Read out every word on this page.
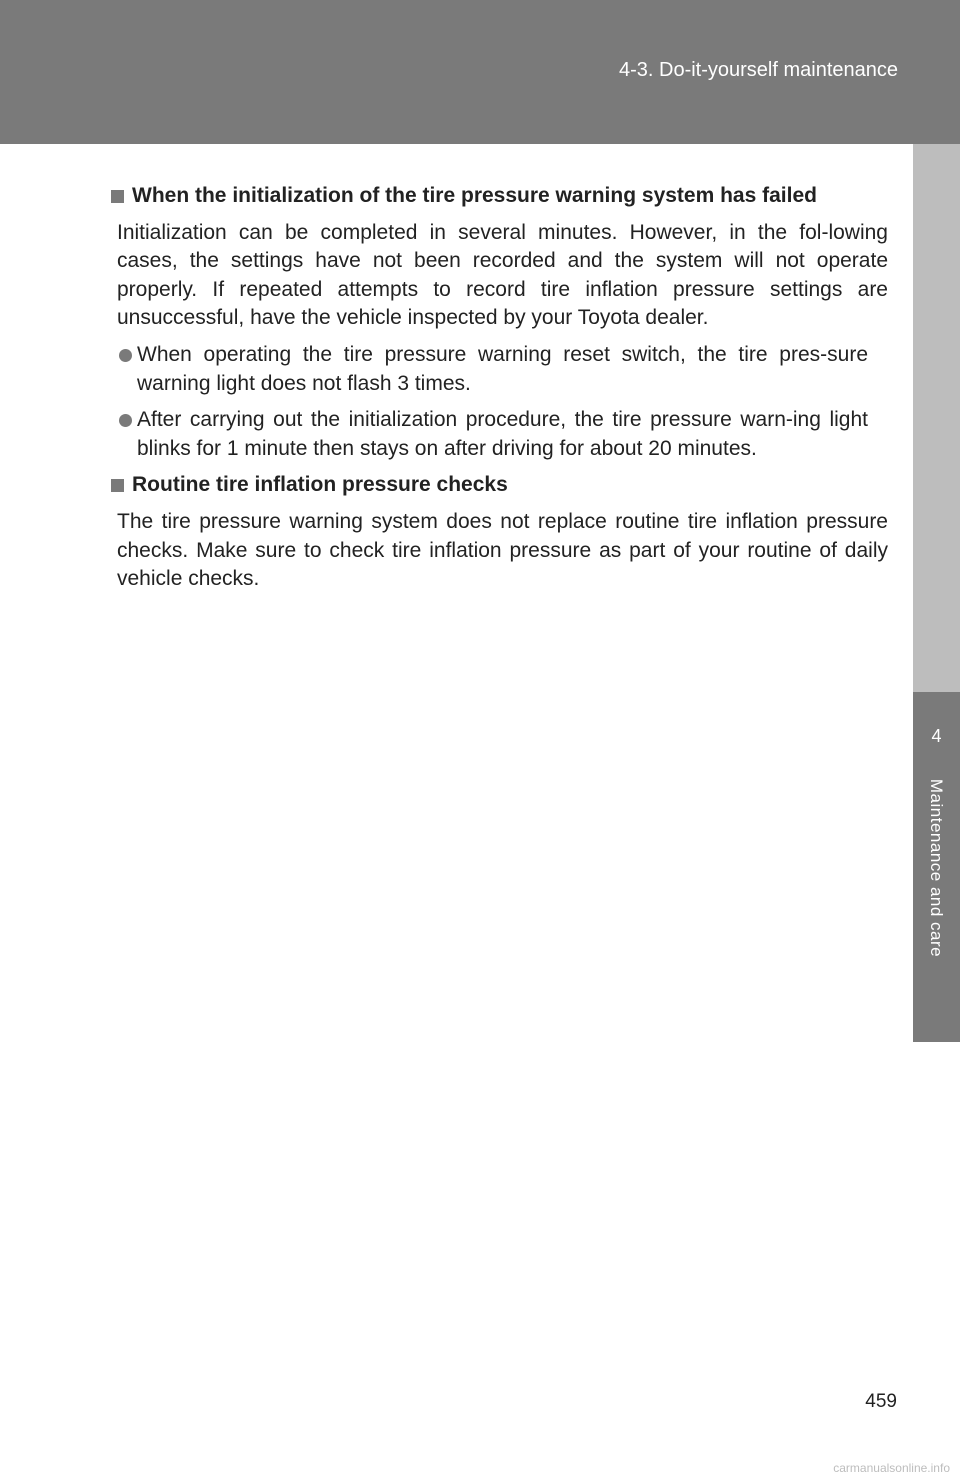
4-3. Do-it-yourself maintenance
4
Maintenance and care
When the initialization of the tire pressure warning system has failed

Initialization can be completed in several minutes. However, in the fol-lowing cases, the settings have not been recorded and the system will not operate properly. If repeated attempts to record tire inflation pressure settings are unsuccessful, have the vehicle inspected by your Toyota dealer.

When operating the tire pressure warning reset switch, the tire pres-sure warning light does not flash 3 times.
After carrying out the initialization procedure, the tire pressure warn-ing light blinks for 1 minute then stays on after driving for about 20 minutes.
Routine tire inflation pressure checks

The tire pressure warning system does not replace routine tire inflation pressure checks. Make sure to check tire inflation pressure as part of your routine of daily vehicle checks.

459
carmanualsonline.info
